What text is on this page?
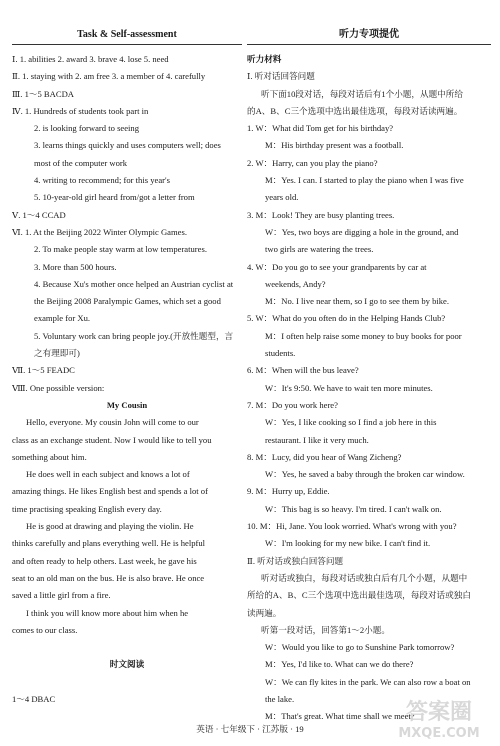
Task & Self-assessment
Ⅰ. 1. abilities 2. award 3. brave 4. lose 5. need
Ⅱ. 1. staying with 2. am free 3. a member of 4. carefully
Ⅲ. 1～5 BACDA
Ⅳ. 1. Hundreds of students took part in
2. is looking forward to seeing
3. learns things quickly and uses computers well; does
most of the computer work
4. writing to recommend; for this year's
5. 10-year-old girl heard from/got a letter from
Ⅴ. 1～4 CCAD
Ⅵ. 1. At the Beijing 2022 Winter Olympic Games.
2. To make people stay warm at low temperatures.
3. More than 500 hours.
4. Because Xu's mother once helped an Austrian cyclist at
the Beijing 2008 Paralympic Games, which set a good
example for Xu.
5. Voluntary work can bring people joy.(开放性题型，言
之有理即可)
Ⅶ. 1～5 FEADC
Ⅷ. One possible version:
My Cousin
Hello, everyone. My cousin John will come to our
class as an exchange student. Now I would like to tell you
something about him.
He does well in each subject and knows a lot of
amazing things. He likes English best and spends a lot of
time practising speaking English every day.
He is good at drawing and playing the violin. He
thinks carefully and plans everything well. He is helpful
and often ready to help others. Last week, he gave his
seat to an old man on the bus. He is also brave. He once
saved a little girl from a fire.
I think you will know more about him when he
comes to our class.
时文阅读
1～4 DBAC
听力专项提优
听力材料
Ⅰ. 听对话回答问题
听下面10段对话，每段对话后有1个小题，从题中所给
的A、B、C三个选项中选出最佳选项，每段对话读两遍。
1. W：What did Tom get for his birthday?
M：His birthday present was a football.
2. W：Harry, can you play the piano?
M：Yes. I can. I started to play the piano when I was five
years old.
3. M：Look! They are busy planting trees.
W：Yes, two boys are digging a hole in the ground, and
two girls are watering the trees.
4. W：Do you go to see your grandparents by car at
weekends, Andy?
M：No. I live near them, so I go to see them by bike.
5. W：What do you often do in the Helping Hands Club?
M：I often help raise some money to buy books for poor
students.
6. M：When will the bus leave?
W：It's 9:50. We have to wait ten more minutes.
7. M：Do you work here?
W：Yes, I like cooking so I find a job here in this
restaurant. I like it very much.
8. M：Lucy, did you hear of Wang Zicheng?
W：Yes, he saved a baby through the broken car window.
9. M：Hurry up, Eddie.
W：This bag is so heavy. I'm tired. I can't walk on.
10. M：Hi, Jane. You look worried. What's wrong with you?
W：I'm looking for my new bike. I can't find it.
Ⅱ. 听对话或独白回答问题
听对话或独白，每段对话或独白后有几个小题，从题中
所给的A、B、C三个选项中选出最佳选项，每段对话或独白
读两遍。
听第一段对话，回答第1～2小题。
W：Would you like to go to Sunshine Park tomorrow?
M：Yes, I'd like to. What can we do there?
W：We can fly kites in the park. We can also row a boat on
the lake.
M：That's great. What time shall we meet?
英语 · 七年级下 · 江苏版 · 19
答案圈
MXQE.COM
